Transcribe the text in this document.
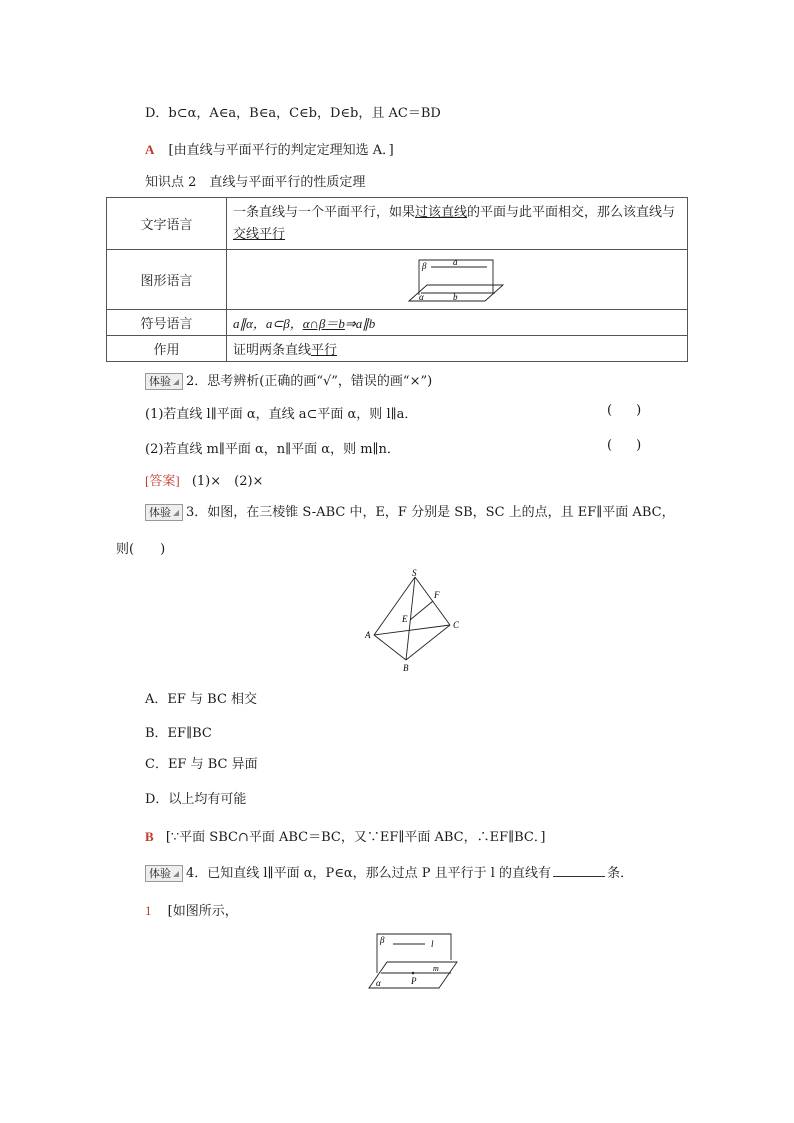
D．b⊂α，A∈a，B∈a，C∈b，D∈b，且 AC＝BD
A [由直线与平面平行的判定定理知选 A．]
知识点 2　直线与平面平行的性质定理
文字语言	一条直线与一个平面平行，如果过该直线的平面与此平面相交，那么该直线与交线平行
图形语言	β a
α b

符号语言	a∥α，a⊂β，α∩β＝b⇒a∥b
作用	证明两条直线平行
体验 2．思考辨析(正确的画“√”，错误的画“×”)
(1)若直线 l∥平面 α，直线 a⊂平面 α，则 l∥a．	( )
(2)若直线 m∥平面 α，n∥平面 α，则 m∥n．	( )
[答案] (1)×　(2)×
体验 3．如图，在三棱锥 S-ABC 中，E，F 分别是 SB，SC 上的点，且 EF∥平面 ABC，
则(　　)
S
F
E
A
C
B
A．EF 与 BC 相交
B．EF∥BC
C．EF 与 BC 异面
D．以上均有可能
B [∵平面 SBC∩平面 ABC＝BC，又∵EF∥平面 ABC，∴EF∥BC．]
体验 4．已知直线 l∥平面 α，P∈α，那么过点 P 且平行于 l 的直线有	条．
1 [如图所示，
β	l
m
P
α
